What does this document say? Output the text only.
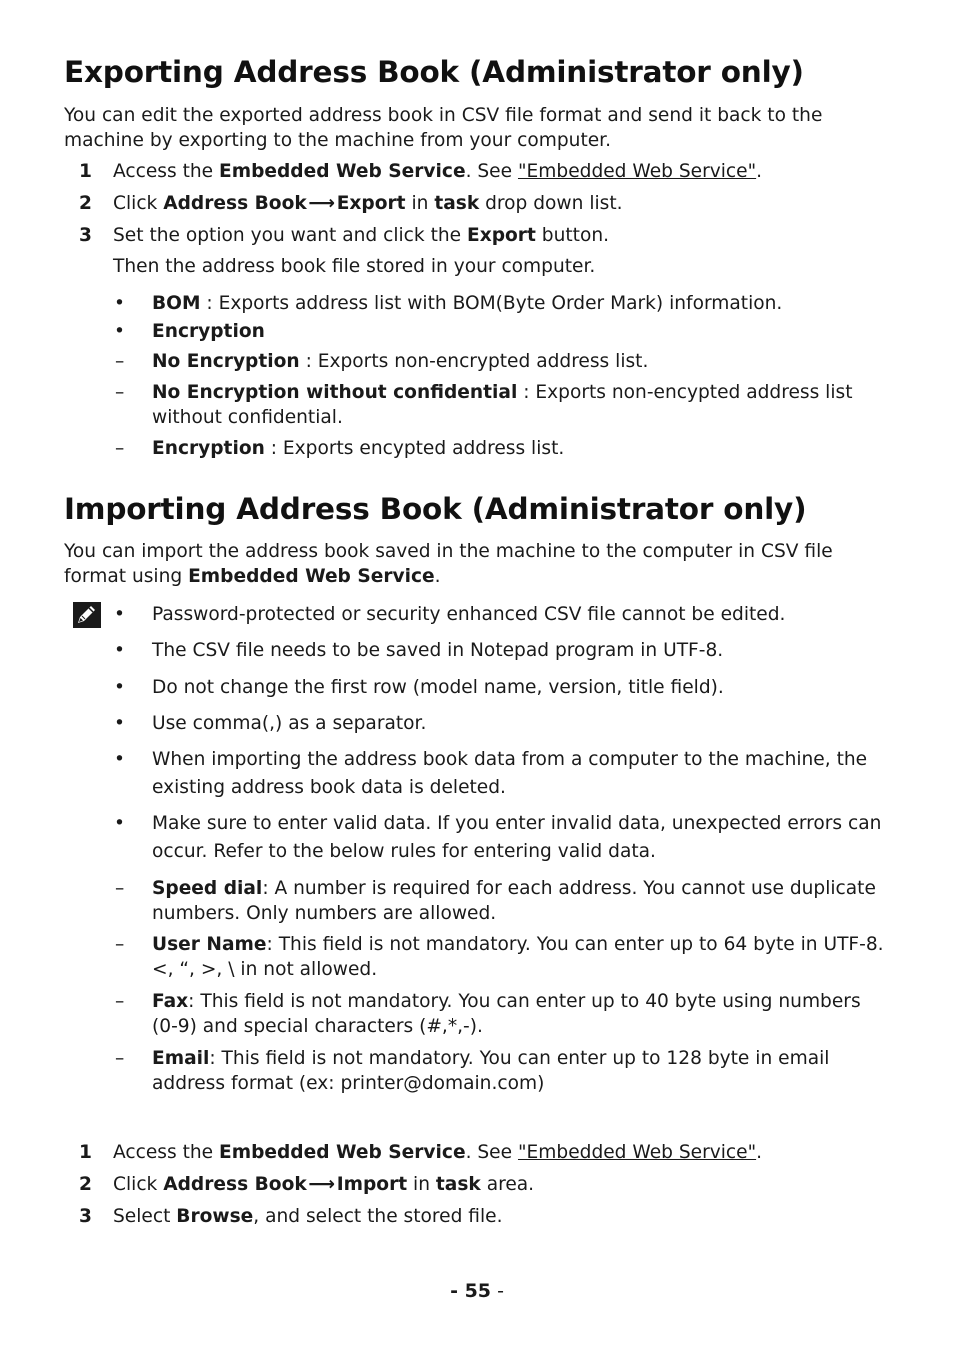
Exporting Address Book (Administrator only)
You can edit the exported address book in CSV file format and send it back to the machine by exporting to the machine from your computer.
1 Access the Embedded Web Service. See "Embedded Web Service".
2 Click Address Book⟶Export in task drop down list.
3 Set the option you want and click the Export button.
Then the address book file stored in your computer.
• BOM : Exports address list with BOM(Byte Order Mark) information.
• Encryption
– No Encryption : Exports non-encrypted address list.
– No Encryption without confidential : Exports non-encypted address list without confidential.
– Encryption : Exports encypted address list.
Importing Address Book (Administrator only)
You can import the address book saved in the machine to the computer in CSV file format using Embedded Web Service.
• Password-protected or security enhanced CSV file cannot be edited.
• The CSV file needs to be saved in Notepad program in UTF-8.
• Do not change the first row (model name, version, title field).
• Use comma(,) as a separator.
• When importing the address book data from a computer to the machine, the existing address book data is deleted.
• Make sure to enter valid data. If you enter invalid data, unexpected errors can occur. Refer to the below rules for entering valid data.
– Speed dial: A number is required for each address. You cannot use duplicate numbers. Only numbers are allowed.
– User Name: This field is not mandatory. You can enter up to 64 byte in UTF-8. <, “, >, \ in not allowed.
– Fax: This field is not mandatory. You can enter up to 40 byte using numbers (0-9) and special characters (#,*,-).
– Email: This field is not mandatory. You can enter up to 128 byte in email address format (ex: printer@domain.com)
1 Access the Embedded Web Service. See "Embedded Web Service".
2 Click Address Book⟶Import in task area.
3 Select Browse, and select the stored file.
- 55 -
